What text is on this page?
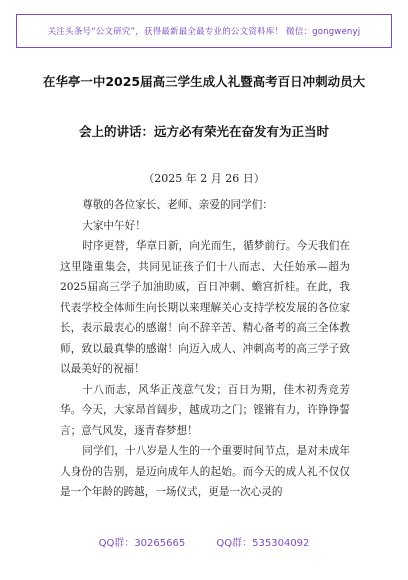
关注头条号“公文研究”，获得最新最全最专业的公文资料库！ 微信：gongwenyj
在华亭一中2025届高三学生成人礼暨高考百日冲刺动员大
会上的讲话：远方必有荣光在奋发有为正当时
（2025 年 2 月 26 日）

尊敬的各位家长、老师、亲爱的同学们：

大家中午好！

时序更替，华章日新，向光而生，循梦前行。今天我们在这里隆重集会，共同见证孩子们十八而志、大任始承—超为2025届高三学子加油助威，百日冲刺、蟾宫折桂。在此，我代表学校全体师生向长期以来理解关心支持学校发展的各位家长，表示最衷心的感谢！向不辞辛苦、精心备考的高三全体教师，致以最真挚的感谢！向迈入成人、冲刺高考的高三学子致以最美好的祝福！

十八而志，风华正茂意气发；百日为期，佳木初秀竞芳华。今天，大家昂首阔步，越成功之门；铿锵有力，许铮铮誓言；意气风发，逐青春梦想！

同学们，十八岁是人生的一个重要时间节点，是对未成年人身份的告别，是迈向成年人的起始。而今天的成人礼不仅仅是一个年龄的跨越，一场仪式，更是一次心灵的

QQ群：30265665	QQ群：535304092
